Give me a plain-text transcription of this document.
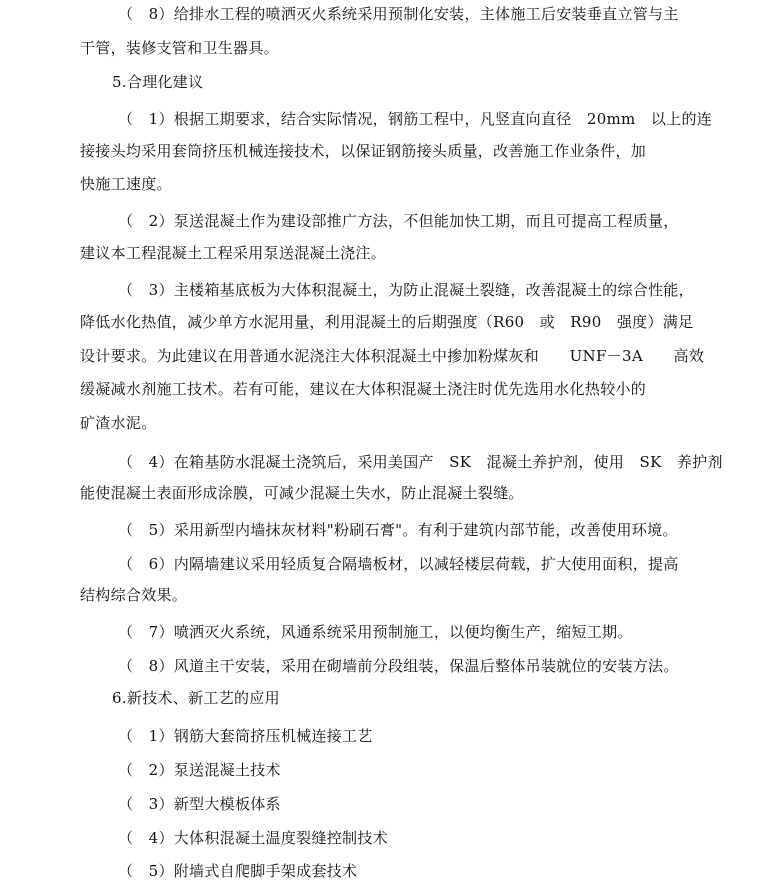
（　8）给排水工程的喷洒灭火系统采用预制化安装，主体施工后安装垂直立管与主
干管，装修支管和卫生器具。
5.合理化建议
（　1）根据工期要求，结合实际情况，钢筋工程中，凡竖直向直径　20mm　以上的连
接接头均采用套筒挤压机械连接技术，以保证钢筋接头质量，改善施工作业条件，加
快施工速度。
（　2）泵送混凝土作为建设部推广方法，不但能加快工期，而且可提高工程质量，
建议本工程混凝土工程采用泵送混凝土浇注。
（　3）主楼箱基底板为大体积混凝土，为防止混凝土裂缝，改善混凝土的综合性能，
降低水化热值，减少单方水泥用量，利用混凝土的后期强度（R60　或　R90　强度）满足
设计要求。为此建议在用普通水泥浇注大体积混凝土中掺加粉煤灰和　　UNF－3A　　高效
缓凝减水剂施工技术。若有可能，建议在大体积混凝土浇注时优先选用水化热较小的
矿渣水泥。
（　4）在箱基防水混凝土浇筑后，采用美国产　SK　混凝土养护剂，使用　SK　养护剂
能使混凝土表面形成涂膜，可减少混凝土失水，防止混凝土裂缝。
（　5）采用新型内墙抹灰材料"粉刷石膏"。有利于建筑内部节能，改善使用环境。
（　6）内隔墙建议采用轻质复合隔墙板材，以减轻楼层荷载，扩大使用面积，提高
结构综合效果。
（　7）喷洒灭火系统，风通系统采用预制施工，以便均衡生产，缩短工期。
（　8）风道主干安装，采用在砌墙前分段组装，保温后整体吊装就位的安装方法。
6.新技术、新工艺的应用
（　1）钢筋大套筒挤压机械连接工艺
（　2）泵送混凝土技术
（　3）新型大模板体系
（　4）大体积混凝土温度裂缝控制技术
（　5）附墙式自爬脚手架成套技术
